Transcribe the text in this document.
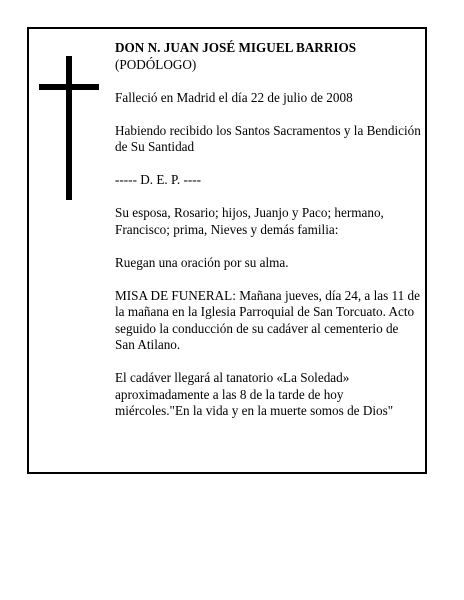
DON N. JUAN JOSÉ MIGUEL BARRIOS
(PODÓLOGO)

Falleció en Madrid el día 22 de julio de 2008

Habiendo recibido los Santos Sacramentos y la Bendición de Su Santidad

----- D. E. P. ----

Su esposa, Rosario; hijos, Juanjo y Paco; hermano, Francisco; prima, Nieves y demás familia:

Ruegan una oración por su alma.

MISA DE FUNERAL: Mañana jueves, día 24, a las 11 de la mañana en la Iglesia Parroquial de San Torcuato. Acto seguido la conducción de su cadáver al cementerio de San Atilano.

El cadáver llegará al tanatorio «La Soledad» aproximadamente a las 8 de la tarde de hoy miércoles."En la vida y en la muerte somos de Dios"
